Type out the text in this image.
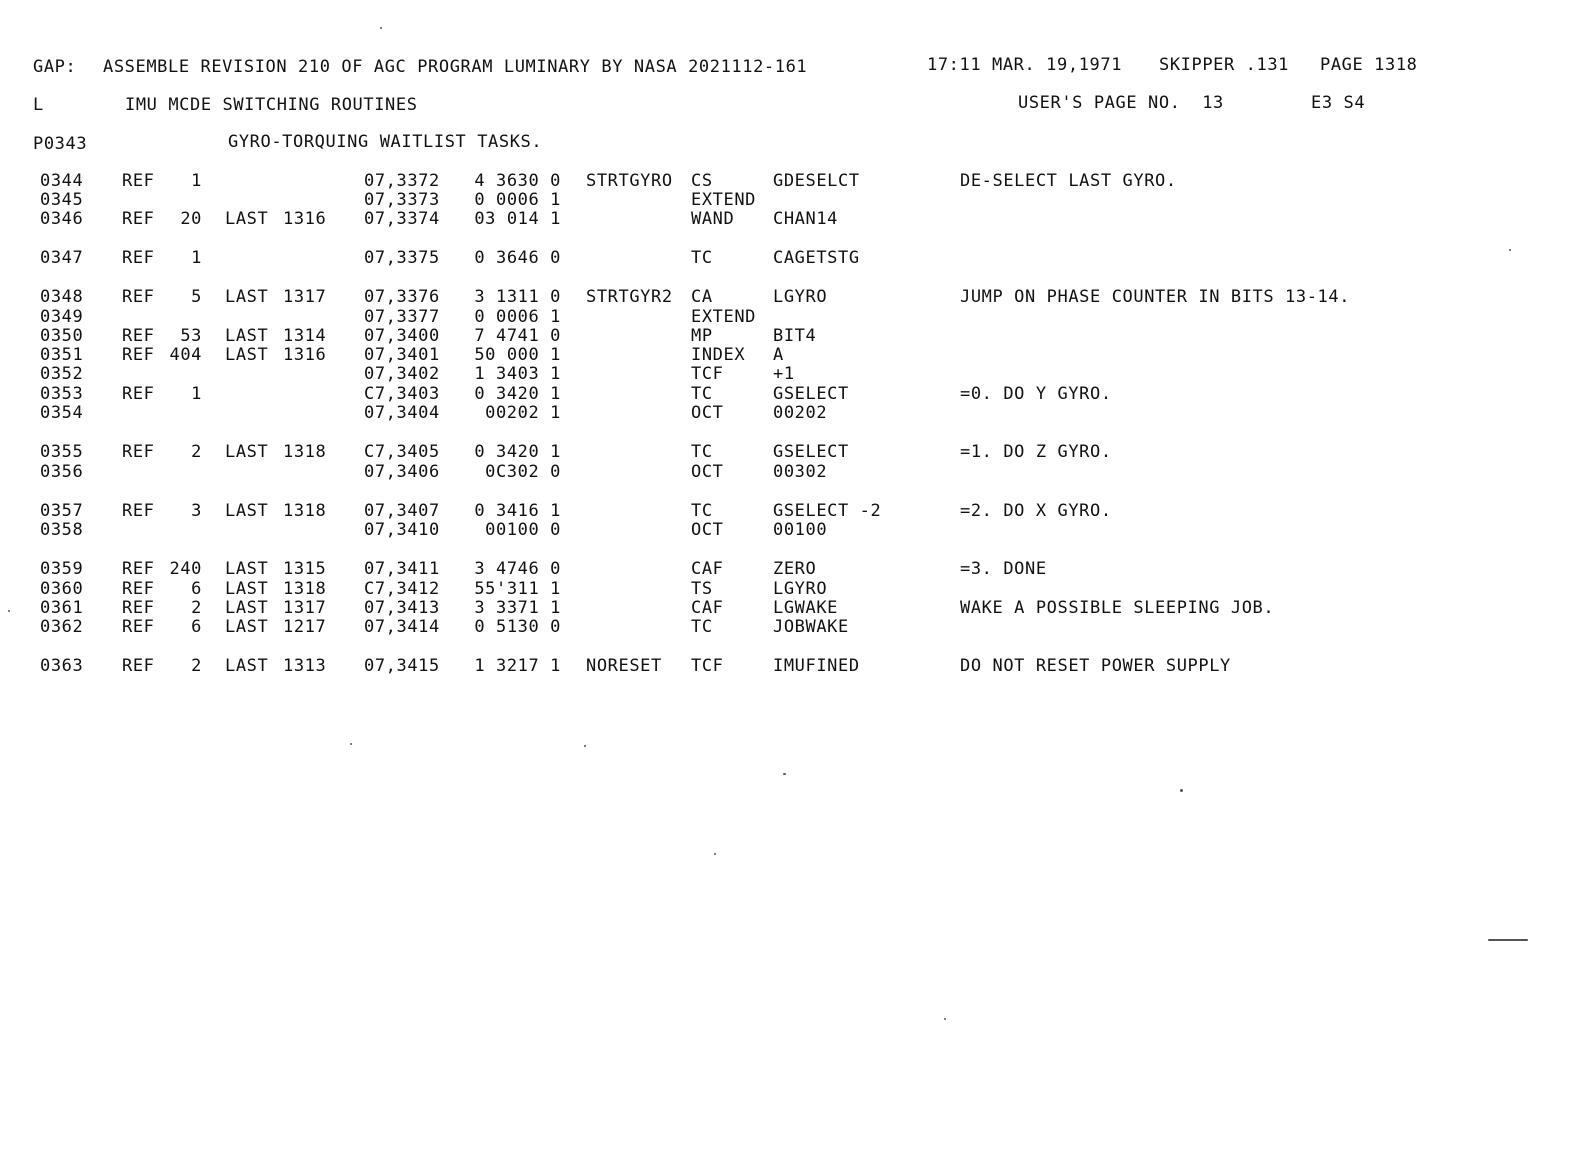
GAP: ASSEMBLE REVISION 210 OF AGC PROGRAM LUMINARY BY NASA 2021112-161	17:11 MAR. 19,1971 SKIPPER .131 PAGE 1318
L	IMU MCDE SWITCHING ROUTINES	USER'S PAGE NO.  13	E3 S4
P0343	GYRO-TORQUING WAITLIST TASKS.
0344 REF 1	07,3372 4 3630 0 STRTGYRO CS	GDESELCT	DE-SELECT LAST GYRO.
0345	07,3373 0 0006 1	EXTEND
0346 REF 20 LAST 1316 07,3374 03 014 1	WAND CHAN14
0347 REF 1	07,3375 0 3646 0	TC	CAGETSTG
0348 REF 5 LAST 1317 07,3376 3 1311 0 STRTGYR2 CA	LGYRO	JUMP ON PHASE COUNTER IN BITS 13-14.
0349	07,3377 0 0006 1	EXTEND
0350 REF 53 LAST 1314 07,3400 7 4741 0	MP	BIT4
0351 REF 404 LAST 1316 07,3401 50 000 1	INDEX A
0352	07,3402 1 3403 1	TCF	+1
0353 REF 1	C7,3403 0 3420 1	TC	GSELECT	=0. DO Y GYRO.
0354	07,3404	00202 1	OCT	00202
0355 REF 2 LAST 1318 C7,3405 0 3420 1	TC	GSELECT	=1. DO Z GYRO.
0356	07,3406	0C302 0	OCT	00302
0357 REF 3 LAST 1318 07,3407 0 3416 1	TC	GSELECT -2	=2. DO X GYRO.
0358	07,3410	00100 0	OCT	00100
0359 REF 240 LAST 1315 07,3411 3 4746 0	CAF	ZERO	=3. DONE
0360 REF 6 LAST 1318 C7,3412 55'311 1	TS	LGYRO
0361 REF 2 LAST 1317 07,3413 3 3371 1	CAF	LGWAKE	WAKE A POSSIBLE SLEEPING JOB.
0362 REF 6 LAST 1217 07,3414 0 5130 0	TC	JOBWAKE
0363 REF 2 LAST 1313 07,3415 1 3217 1 NORESET TCF	IMUFINED	DO NOT RESET POWER SUPPLY
